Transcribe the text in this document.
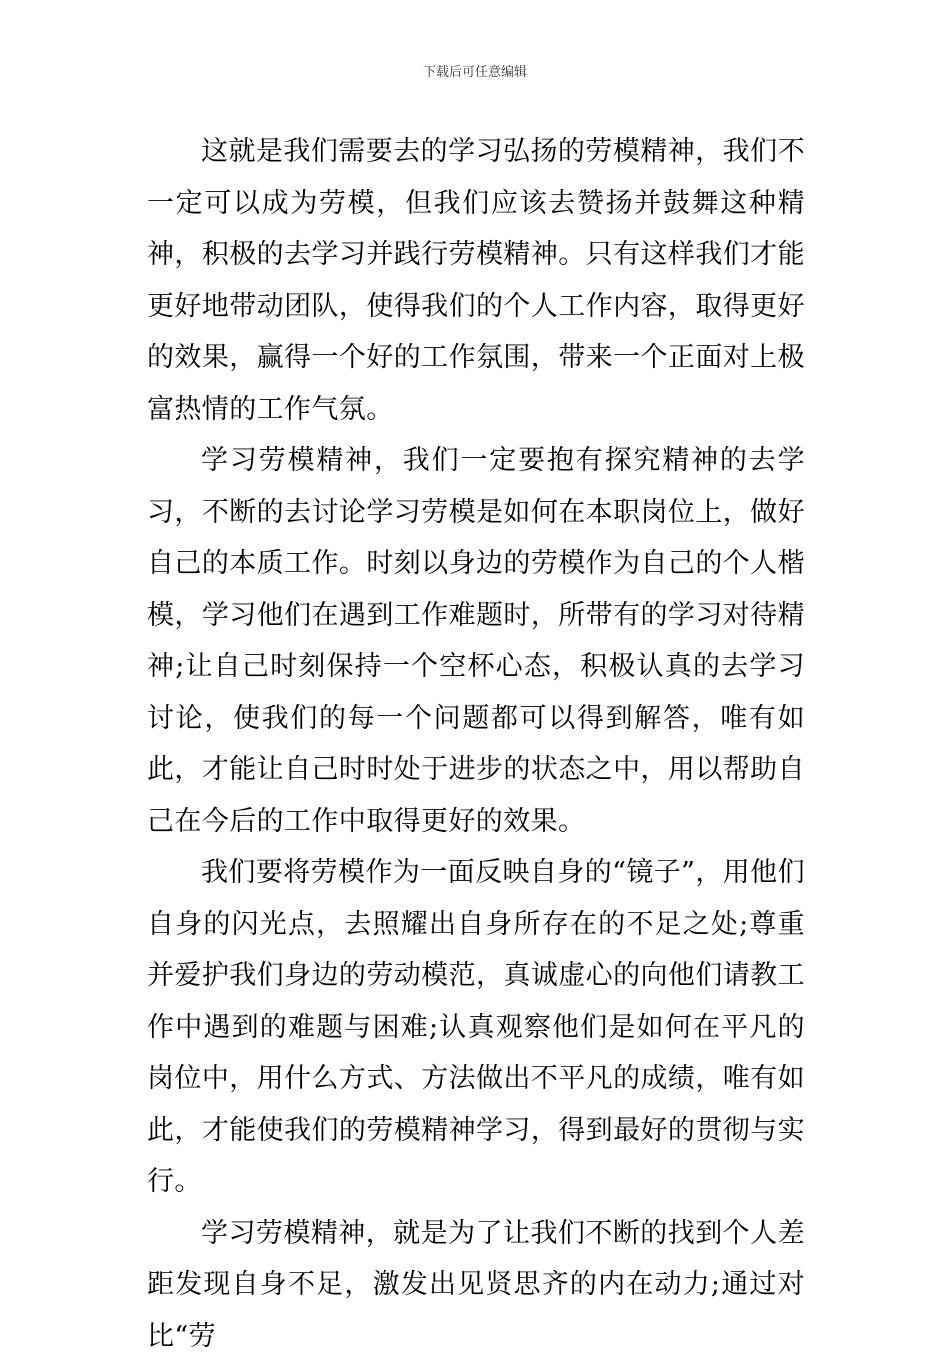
下载后可任意编辑

这就是我们需要去的学习弘扬的劳模精神，我们不一定可以成为劳模，但我们应该去赞扬并鼓舞这种精神，积极的去学习并践行劳模精神。只有这样我们才能更好地带动团队，使得我们的个人工作内容，取得更好的效果，赢得一个好的工作氛围，带来一个正面对上极富热情的工作气氛。

学习劳模精神，我们一定要抱有探究精神的去学习，不断的去讨论学习劳模是如何在本职岗位上，做好自己的本质工作。时刻以身边的劳模作为自己的个人楷模，学习他们在遇到工作难题时，所带有的学习对待精神;让自己时刻保持一个空杯心态，积极认真的去学习讨论，使我们的每一个问题都可以得到解答，唯有如此，才能让自己时时处于进步的状态之中，用以帮助自己在今后的工作中取得更好的效果。

我们要将劳模作为一面反映自身的“镜子”，用他们自身的闪光点，去照耀出自身所存在的不足之处;尊重并爱护我们身边的劳动模范，真诚虚心的向他们请教工作中遇到的难题与困难;认真观察他们是如何在平凡的岗位中，用什么方式、方法做出不平凡的成绩，唯有如此，才能使我们的劳模精神学习，得到最好的贯彻与实行。

学习劳模精神，就是为了让我们不断的找到个人差距发现自身不足，激发出见贤思齐的内在动力;通过对比“劳
